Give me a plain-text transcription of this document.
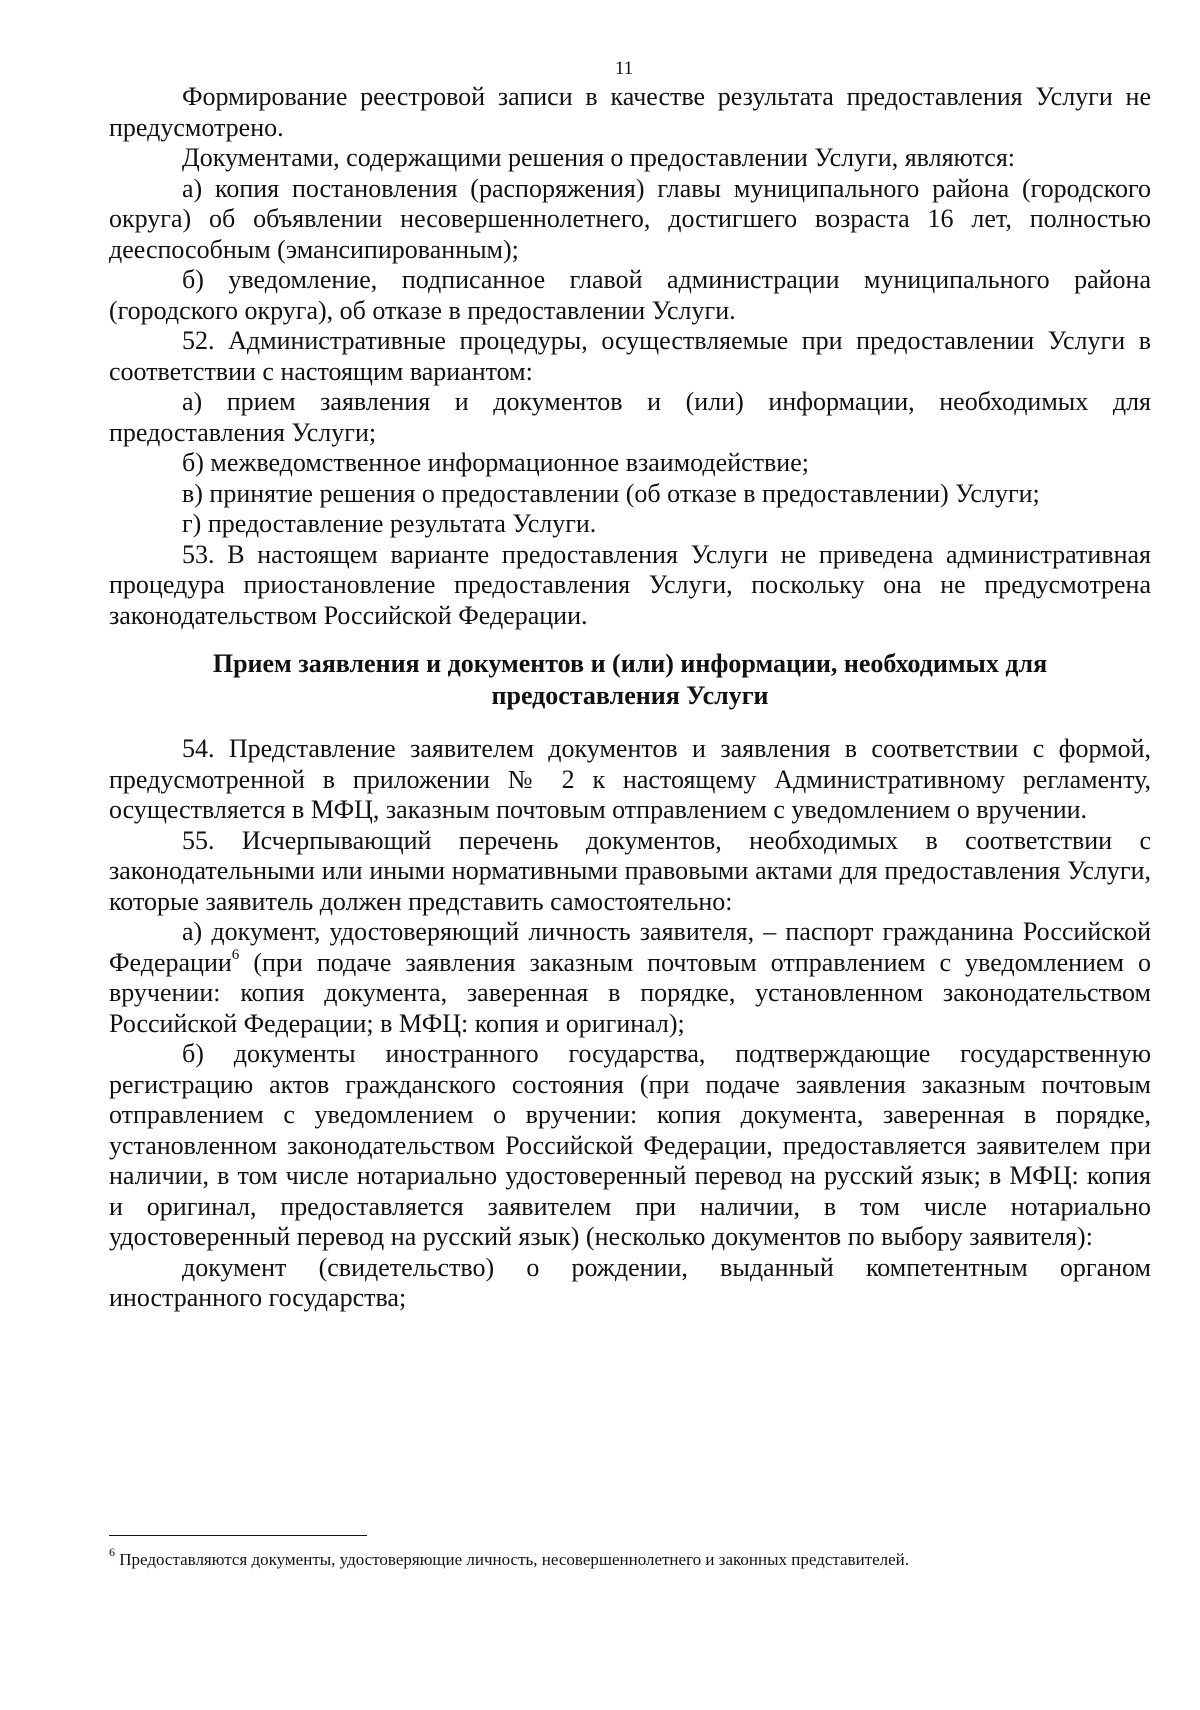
11

Формирование реестровой записи в качестве результата предоставления Услуги не предусмотрено.

Документами, содержащими решения о предоставлении Услуги, являются:

а) копия постановления (распоряжения) главы муниципального района (городского округа) об объявлении несовершеннолетнего, достигшего возраста 16 лет, полностью дееспособным (эмансипированным);

б) уведомление, подписанное главой администрации муниципального района (городского округа), об отказе в предоставлении Услуги.

52. Административные процедуры, осуществляемые при предоставлении Услуги в соответствии с настоящим вариантом:

а) прием заявления и документов и (или) информации, необходимых для предоставления Услуги;

б) межведомственное информационное взаимодействие;

в) принятие решения о предоставлении (об отказе в предоставлении) Услуги;

г) предоставление результата Услуги.

53. В настоящем варианте предоставления Услуги не приведена административная процедура приостановление предоставления Услуги, поскольку она не предусмотрена законодательством Российской Федерации.

Прием заявления и документов и (или) информации, необходимых для
предоставления Услуги

54. Представление заявителем документов и заявления в соответствии с формой, предусмотренной в приложении № 2 к настоящему Административному регламенту, осуществляется в МФЦ, заказным почтовым отправлением с уведомлением о вручении.

55. Исчерпывающий перечень документов, необходимых в соответствии с законодательными или иными нормативными правовыми актами для предоставления Услуги, которые заявитель должен представить самостоятельно:

а) документ, удостоверяющий личность заявителя, – паспорт гражданина Российской Федерации$^6$ (при подаче заявления заказным почтовым отправлением с уведомлением о вручении: копия документа, заверенная в порядке, установленном законодательством Российской Федерации; в МФЦ: копия и оригинал);

б) документы иностранного государства, подтверждающие государственную регистрацию актов гражданского состояния (при подаче заявления заказным почтовым отправлением с уведомлением о вручении: копия документа, заверенная в порядке, установленном законодательством Российской Федерации, предоставляется заявителем при наличии, в том числе нотариально удостоверенный перевод на русский язык; в МФЦ: копия и оригинал, предоставляется заявителем при наличии, в том числе нотариально удостоверенный перевод на русский язык) (несколько документов по выбору заявителя):

документ (свидетельство) о рождении, выданный компетентным органом иностранного государства;

$^6$ Предоставляются документы, удостоверяющие личность, несовершеннолетнего и законных представителей.
